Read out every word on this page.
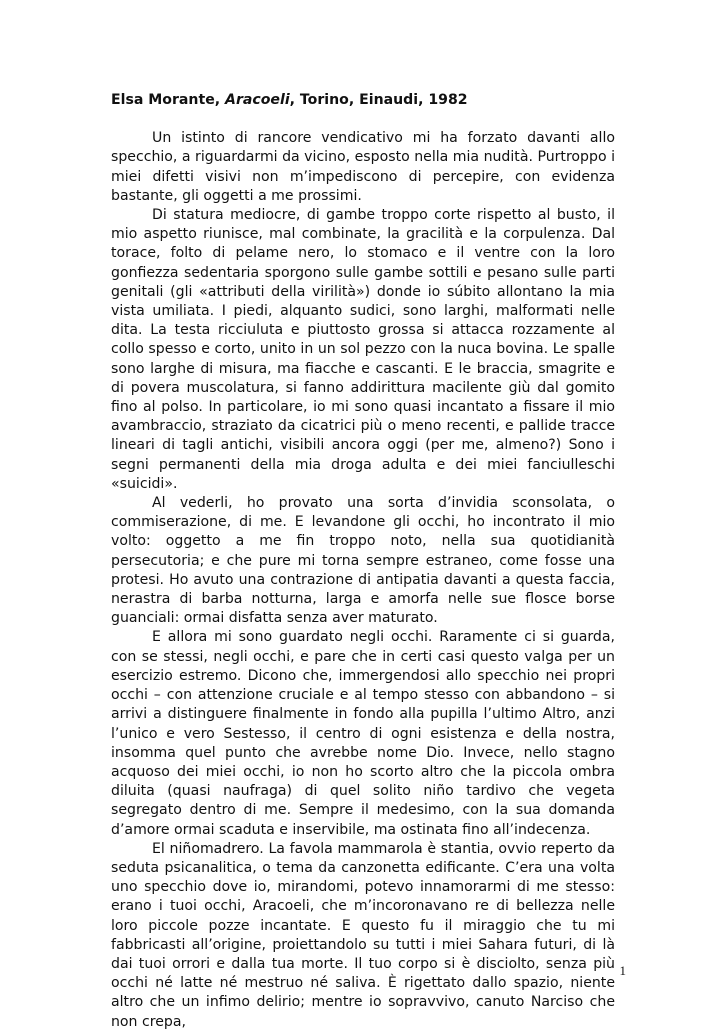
Elsa Morante, Aracoeli, Torino, Einaudi, 1982

Un istinto di rancore vendicativo mi ha forzato davanti allo specchio, a riguardarmi da vicino, esposto nella mia nudità. Purtroppo i miei difetti visivi non m’impediscono di percepire, con evidenza bastante, gli oggetti a me prossimi.

Di statura mediocre, di gambe troppo corte rispetto al busto, il mio aspetto riunisce, mal combinate, la gracilità e la corpulenza. Dal torace, folto di pelame nero, lo stomaco e il ventre con la loro gonfiezza sedentaria sporgono sulle gambe sottili e pesano sulle parti genitali (gli «attributi della virilità») donde io súbito allontano la mia vista umiliata. I piedi, alquanto sudici, sono larghi, malformati nelle dita. La testa ricciuluta e piuttosto grossa si attacca rozzamente al collo spesso e corto, unito in un sol pezzo con la nuca bovina. Le spalle sono larghe di misura, ma fiacche e cascanti. E le braccia, smagrite e di povera muscolatura, si fanno addirittura macilente giù dal gomito fino al polso. In particolare, io mi sono quasi incantato a fissare il mio avambraccio, straziato da cicatrici più o meno recenti, e pallide tracce lineari di tagli antichi, visibili ancora oggi (per me, almeno?) Sono i segni permanenti della mia droga adulta e dei miei fanciulleschi «suicidi».

Al vederli, ho provato una sorta d’invidia sconsolata, o commiserazione, di me. E levandone gli occhi, ho incontrato il mio volto: oggetto a me fin troppo noto, nella sua quotidianità persecutoria; e che pure mi torna sempre estraneo, come fosse una protesi. Ho avuto una contrazione di antipatia davanti a questa faccia, nerastra di barba notturna, larga e amorfa nelle sue flosce borse guanciali: ormai disfatta senza aver maturato.

E allora mi sono guardato negli occhi. Raramente ci si guarda, con se stessi, negli occhi, e pare che in certi casi questo valga per un esercizio estremo. Dicono che, immergendosi allo specchio nei propri occhi – con attenzione cruciale e al tempo stesso con abbandono – si arrivi a distinguere finalmente in fondo alla pupilla l’ultimo Altro, anzi l’unico e vero Sestesso, il centro di ogni esistenza e della nostra, insomma quel punto che avrebbe nome Dio. Invece, nello stagno acquoso dei miei occhi, io non ho scorto altro che la piccola ombra diluita (quasi naufraga) di quel solito niño tardivo che vegeta segregato dentro di me. Sempre il medesimo, con la sua domanda d’amore ormai scaduta e inservibile, ma ostinata fino all’indecenza.

El niñomadrero. La favola mammarola è stantia, ovvio reperto da seduta psicanalitica, o tema da canzonetta edificante. C’era una volta uno specchio dove io, mirandomi, potevo innamorarmi di me stesso: erano i tuoi occhi, Aracoeli, che m’incoronavano re di bellezza nelle loro piccole pozze incantate. E questo fu il miraggio che tu mi fabbricasti all’origine, proiettandolo su tutti i miei Sahara futuri, di là dai tuoi orrori e dalla tua morte. Il tuo corpo si è disciolto, senza più occhi né latte né mestruo né saliva. È rigettato dallo spazio, niente altro che un infimo delirio; mentre io sopravvivo, canuto Narciso che non crepa,

1
